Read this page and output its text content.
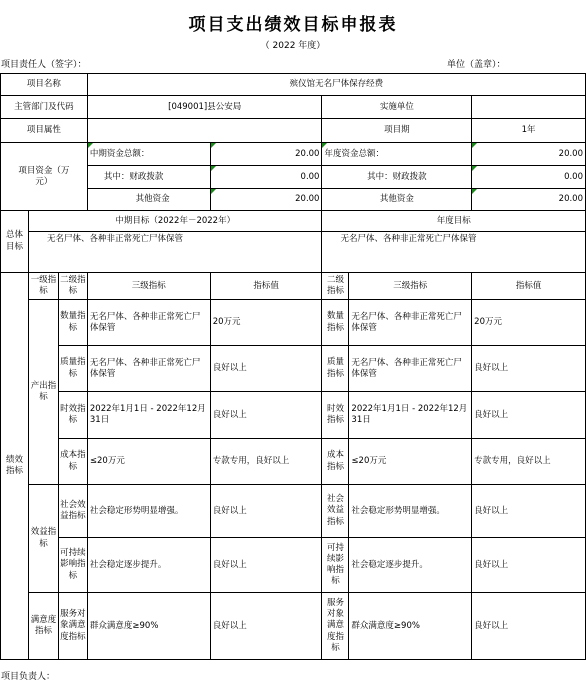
项目支出绩效目标申报表
（ 2022 年度）
项目责任人（签字）：	单位（盖章）：
项目名称			殡仪馆无名尸体保存经费				
主管部门及代码			[049001]县公安局		实施单位		
项目属性					项目期		1年
项目资金（万元）			中期资金总额：	20.00	年度资金总额：		20.00
			其中：财政拨款	0.00	其中：财政拨款		0.00
			其他资金	20.00	其他资金		20.00
总体目标	中期目标（2022年－2022年）				年度目标		
	无名尸体、各种非正常死亡尸体保管				无名尸体、各种非正常死亡尸体保管		

绩效指标	一级指标	二级指标	三级指标	指标值	二级指标	三级指标	指标值
	产出指标	数量指标	无名尸体、各种非正常死亡尸体保管	20万元	数量指标	无名尸体、各种非正常死亡尸体保管	20万元
		质量指标	无名尸体、各种非正常死亡尸体保管	良好以上	质量指标	无名尸体、各种非正常死亡尸体保管	良好以上
		时效指标	2022年1月1日 - 2022年12月31日	良好以上	时效指标	2022年1月1日 - 2022年12月31日	良好以上
		成本指标	≤20万元	专款专用，良好以上	成本指标	≤20万元	专款专用，良好以上
	效益指标	社会效益指标	社会稳定形势明显增强。	良好以上	社会效益指标	社会稳定形势明显增强。	良好以上
		可持续影响指标	社会稳定逐步提升。	良好以上	可持续影响指标	社会稳定逐步提升。	良好以上
	满意度指标	服务对象满意度指标	群众满意度≥90%	良好以上	服务对象满意度指标	群众满意度≥90%	良好以上
项目负责人：
